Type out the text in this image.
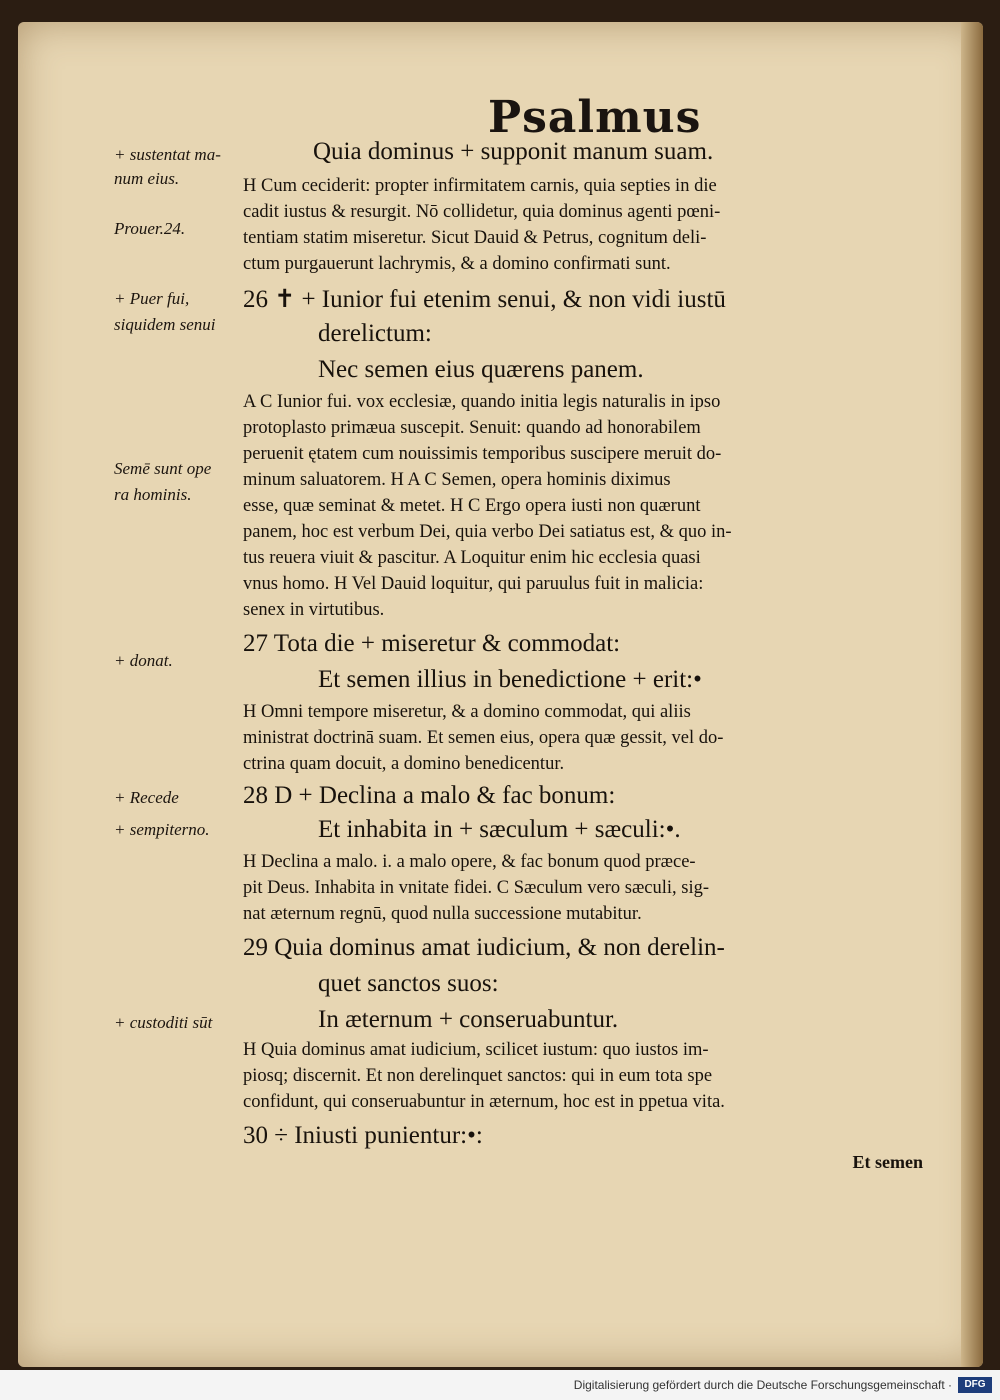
Psalmus
+ sustentat ma-
num eius.
Prouer.24.
+ Puer fui,
siquidem senui
Semē sunt ope
ra hominis.
+ donat.
+ Recede
+ sempiterno.
+ custoditi sūt
Quia dominus + supponit manum suam.
H Cum ceciderit: propter infirmitatem carnis, quia septies in die
cadit iustus & resurgit. Nō collidetur, quia dominus agenti pœni-
tentiam statim miseretur. Sicut Dauid & Petrus, cognitum deli-
ctum purgauerunt lachrymis, & a domino confirmati sunt.
26 ✝ + Iunior fui etenim senui, & non vidi iustū
derelictum:
Nec semen eius quærens panem.
A C Iunior fui. vox ecclesiæ, quando initia legis naturalis in ipso
protoplasto primæua suscepit. Senuit: quando ad honorabilem
peruenit ętatem cum nouissimis temporibus suscipere meruit do-
minum saluatorem. H A C Semen, opera hominis diximus
esse, quæ seminat & metet. H C Ergo opera iusti non quærunt
panem, hoc est verbum Dei, quia verbo Dei satiatus est, & quo in-
tus reuera viuit & pascitur. A Loquitur enim hic ecclesia quasi
vnus homo. H Vel Dauid loquitur, qui paruulus fuit in malicia:
senex in virtutibus.
27 Tota die + miseretur & commodat:
Et semen illius in benedictione + erit:•
H Omni tempore miseretur, & a domino commodat, qui aliis
ministrat doctrinā suam. Et semen eius, opera quæ gessit, vel do-
ctrina quam docuit, a domino benedicentur.
28 D + Declina a malo & fac bonum:
Et inhabita in + sæculum + sæculi:•.
H Declina a malo. i. a malo opere, & fac bonum quod præce-
pit Deus. Inhabita in vnitate fidei. C Sæculum vero sæculi, sig-
nat æternum regnū, quod nulla successione mutabitur.
29 Quia dominus amat iudicium, & non derelin-
quet sanctos suos:
In æternum + conseruabuntur.
H Quia dominus amat iudicium, scilicet iustum: quo iustos im-
piosq; discernit. Et non derelinquet sanctos: qui in eum tota spe
confidunt, qui conseruabuntur in æternum, hoc est in ppetua vita.
30 ÷ Iniusti punientur:•:
Et semen
Digitalisierung gefördert durch die Deutsche Forschungsgemeinschaft ·	DFG
